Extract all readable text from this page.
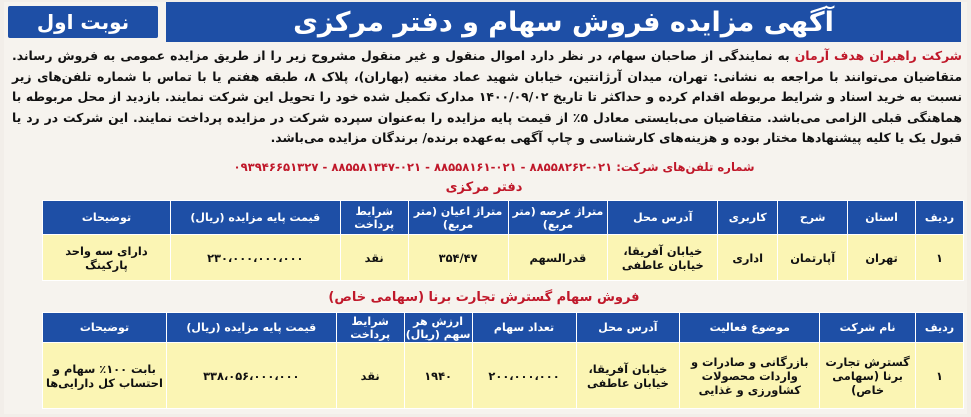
نوبت اول	آگهی مزایده فروش سهام و دفتر مرکزی
شرکت راهبران هدف آرمان به نمایندگی از صاحبان سهام، در نظر دارد اموال منقول و غیر منقول مشروح زیر را از طریق مزایده عمومی به فروش رساند. متقاضیان می‌توانند با مراجعه به نشانی: تهران، میدان آرژانتین، خیابان شهید عماد مغنیه (بهاران)، پلاک ۸، طبقه هفتم یا با تماس با شماره تلفن‌های زیر نسبت به خرید اسناد و شرایط مربوطه اقدام کرده و حداکثر تا تاریخ ۱۴۰۰/۰۹/۰۲ مدارک تکمیل شده خود را تحویل این شرکت نمایند. بازدید از محل مربوطه با هماهنگی قبلی الزامی می‌باشد. متقاضیان می‌بایستی معادل ۵٪ از قیمت پایه مزایده را به‌عنوان سپرده شرکت در مزایده پرداخت نمایند. این شرکت در رد یا قبول یک یا کلیه پیشنهادها مختار بوده و هزینه‌های کارشناسی و چاپ آگهی به‌عهده برنده/ برندگان مزایده می‌باشد.
شماره تلفن‌های شرکت: ۰۲۱-۸۸۵۵۸۲۶۲ - ۰۲۱-۸۸۵۵۸۱۶۱ - ۰۲۱-۸۸۵۵۸۱۳۴۷ - ۰۹۳۹۴۶۶۵۱۳۲۷
دفتر مرکزی
ردیف	استان	شرح	کاربری	آدرس محل	متراژ عرصه (متر مربع)	متراژ اعیان (متر مربع)	شرایط پرداخت	قیمت پایه مزایده (ریال)	توضیحات
۱	تهران	آپارتمان	اداری	خیابان آفریقا، خیابان عاطفی	قدرالسهم	۳۵۴/۴۷	نقد	۲۳۰،۰۰۰،۰۰۰،۰۰۰	دارای سه واحد پارکینگ
فروش سهام گسترش تجارت برنا (سهامی خاص)
ردیف	نام شرکت	موضوع فعالیت	آدرس محل	تعداد سهام	ارزش هر سهم (ریال)	شرایط پرداخت	قیمت پایه مزایده (ریال)	توضیحات
۱	گسترش تجارت برنا (سهامی خاص)	بازرگانی و صادرات و واردات محصولات کشاورزی و غذایی	خیابان آفریقا، خیابان عاطفی	۲۰۰،۰۰۰،۰۰۰	۱۹۴۰	نقد	۳۳۸،۰۵۶،۰۰۰،۰۰۰	بابت ۱۰۰٪ سهام و احتساب کل دارایی‌ها
